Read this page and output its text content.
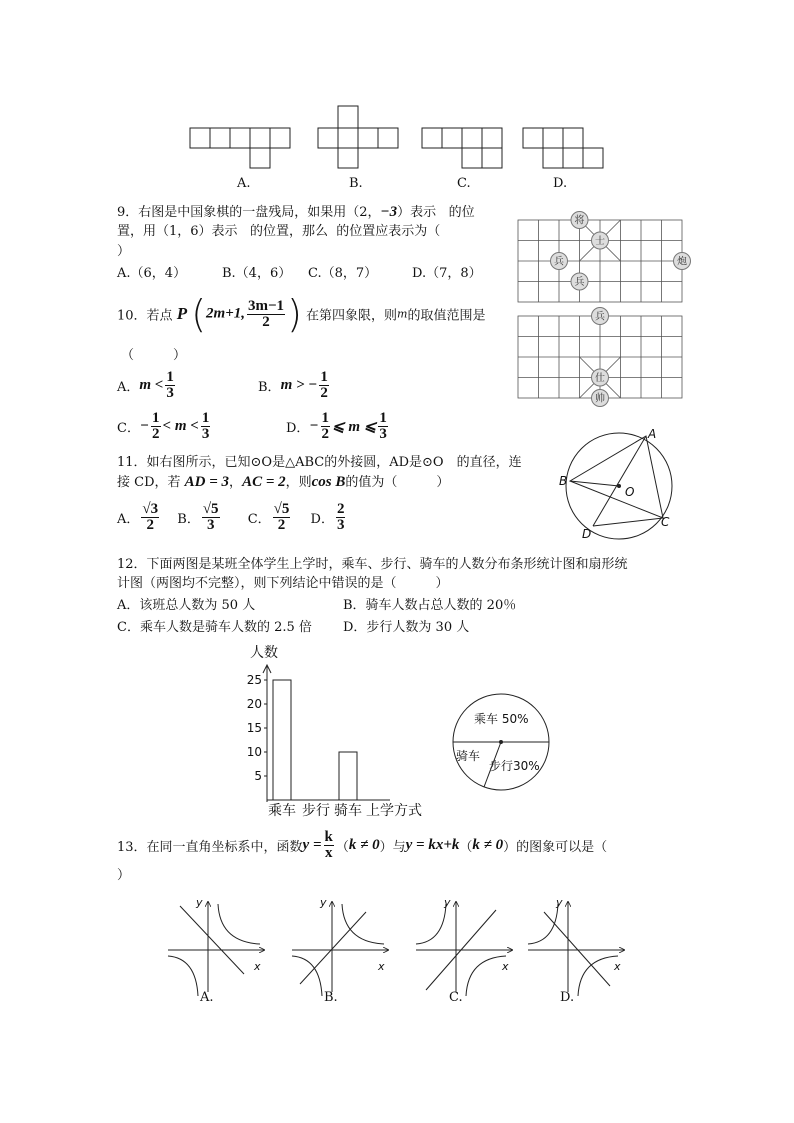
A.	B.	C.	D.
9．右图是中国象棋的一盘残局，如果用（2，−3）表示 的位
置，用（1，6）表示 的位置，那么 的位置应表示为（
）
A.（6，4）	B.（4，6） C.（8，7）	D.（7，8）
将
士
兵	炮
兵
兵
仕
帅
10．若点 P (2m+1, $\frac{3m-1}{2}$ ) 在第四象限，则m的取值范围是
（　　　）
A．$m < \frac{1}{3}$	B．m > − $\frac{1}{2}$
C．− $\frac{1}{2} < m < \frac{1}{3}$	D．− $\frac{1}{2}$ ⩽ m ⩽ $\frac{1}{3}$
11．如右图所示，已知⊙O是△ABC的外接圆，AD是⊙O　的直径，连
接 CD，若 AD = 3，AC = 2，则cos B的值为（　　　）
A． $\frac{√3}{2}$ B． $\frac{√5}{3}$ C． $\frac{√5}{2}$ D． $\frac{2}{3}$
A
B
O
D
C
12．下面两图是某班全体学生上学时，乘车、步行、骑车的人数分布条形统计图和扇形统
计图（两图均不完整），则下列结论中错误的是（　　　）
A．该班总人数为 50 人	B．骑车人数占总人数的 20％
C．乘车人数是骑车人数的 2.5 倍 D．步行人数为 30 人
人数
5
10
15
20
25
乘车 步行 骑车 上学方式
乘车 50%
骑车
步行30%
13．在同一直角坐标系中，函数$y = \frac{k}{x} (k \ne 0)$与y = kx+k（k ≠ 0）的图象可以是（
）
y
x
y
x
y
x
y
x
A.	B.	C.	D.
